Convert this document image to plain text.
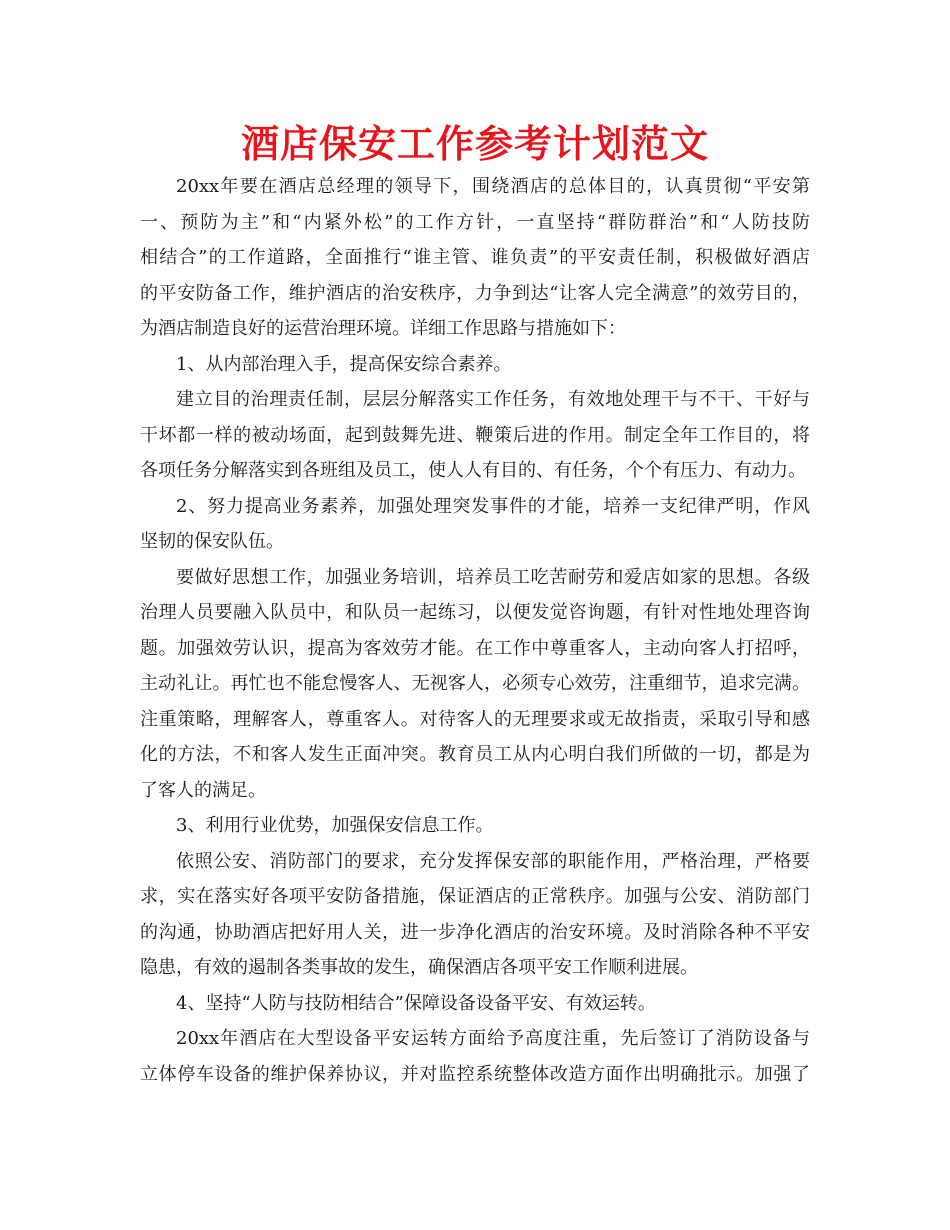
酒店保安工作参考计划范文
20xx年要在酒店总经理的领导下，围绕酒店的总体目的，认真贯彻“平安第
一、预防为主”和“内紧外松”的工作方针，一直坚持“群防群治”和“人防技防
相结合”的工作道路，全面推行“谁主管、谁负责”的平安责任制，积极做好酒店
的平安防备工作，维护酒店的治安秩序，力争到达“让客人完全满意”的效劳目的，
为酒店制造良好的运营治理环境。详细工作思路与措施如下：
1、从内部治理入手，提高保安综合素养。
建立目的治理责任制，层层分解落实工作任务，有效地处理干与不干、干好与
干坏都一样的被动场面，起到鼓舞先进、鞭策后进的作用。制定全年工作目的，将
各项任务分解落实到各班组及员工，使人人有目的、有任务，个个有压力、有动力。
2、努力提高业务素养，加强处理突发事件的才能，培养一支纪律严明，作风
坚韧的保安队伍。
要做好思想工作，加强业务培训，培养员工吃苦耐劳和爱店如家的思想。各级
治理人员要融入队员中，和队员一起练习，以便发觉咨询题，有针对性地处理咨询
题。加强效劳认识，提高为客效劳才能。在工作中尊重客人，主动向客人打招呼，
主动礼让。再忙也不能怠慢客人、无视客人，必须专心效劳，注重细节，追求完满。
注重策略，理解客人，尊重客人。对待客人的无理要求或无故指责，采取引导和感
化的方法，不和客人发生正面冲突。教育员工从内心明白我们所做的一切，都是为
了客人的满足。
3、利用行业优势，加强保安信息工作。
依照公安、消防部门的要求，充分发挥保安部的职能作用，严格治理，严格要
求，实在落实好各项平安防备措施，保证酒店的正常秩序。加强与公安、消防部门
的沟通，协助酒店把好用人关，进一步净化酒店的治安环境。及时消除各种不平安
隐患，有效的遏制各类事故的发生，确保酒店各项平安工作顺利进展。
4、坚持“人防与技防相结合”保障设备设备平安、有效运转。
20xx年酒店在大型设备平安运转方面给予高度注重，先后签订了消防设备与
立体停车设备的维护保养协议，并对监控系统整体改造方面作出明确批示。加强了
